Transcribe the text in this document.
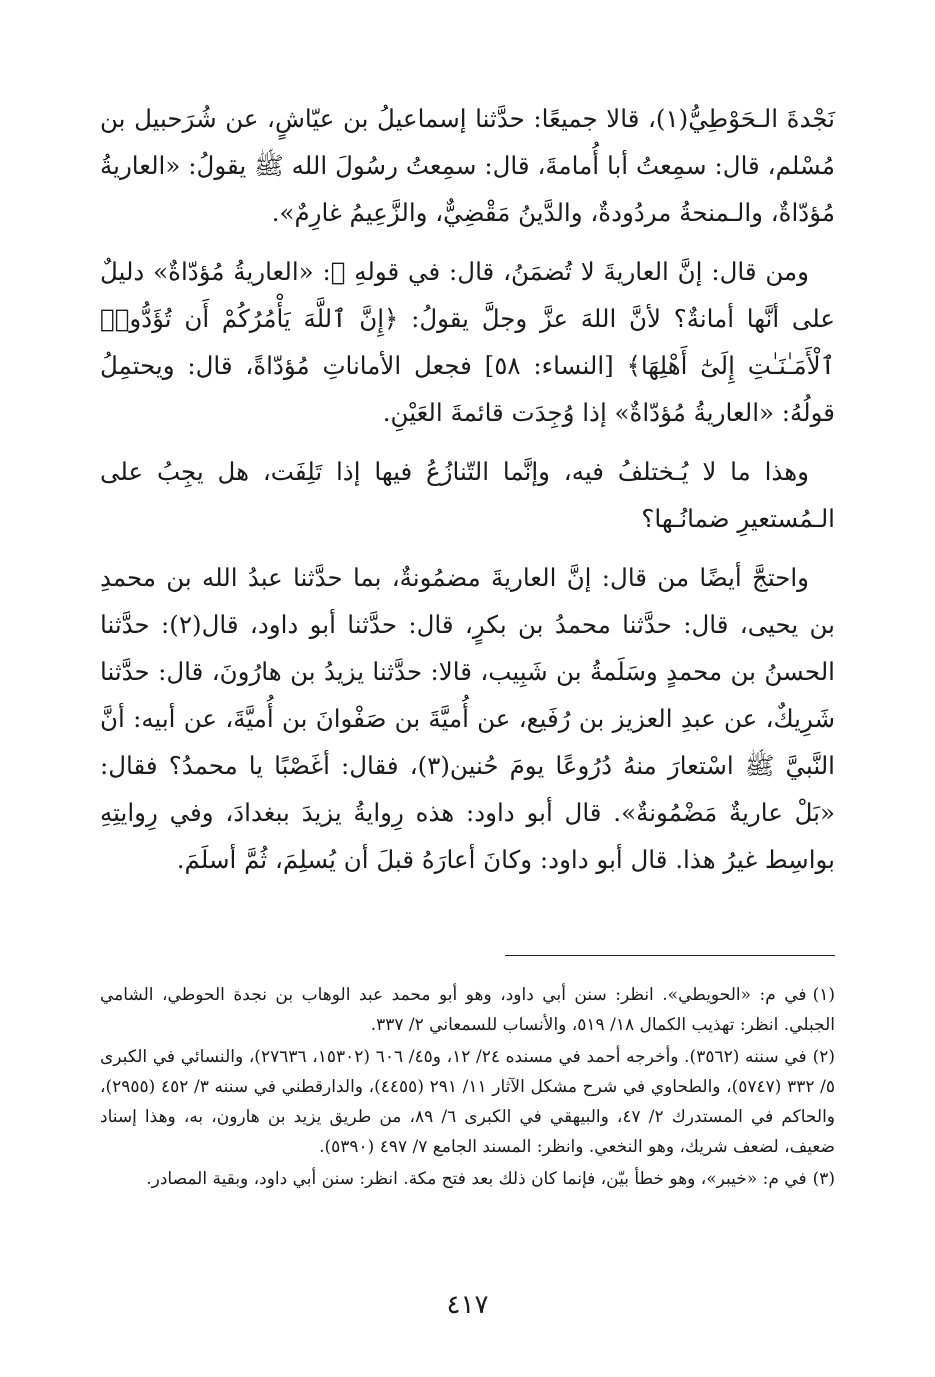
نَجْدةَ الـحَوْطِيُّ(١)، قالا جميعًا: حدَّثنا إسماعيلُ بن عيّاشٍ، عن شُرَحبيل بن مُسْلم، قال: سمِعتُ أبا أُمامةَ، قال: سمِعتُ رسُولَ الله ﷺ يقولُ: «العاريةُ مُؤدّاةٌ، والـمنحةُ مردُودةٌ، والدَّينُ مَقْضِيٌّ، والزَّعِيمُ غارِمٌ».

ومن قال: إنَّ العاريةَ لا تُضمَنُ، قال: في قولهِ ﷺ: «العاريةُ مُؤدّاةٌ» دليلٌ على أنَّها أمانةٌ؟ لأنَّ اللهَ عزَّ وجلَّ يقولُ: ﴿إِنَّ ٱللَّهَ يَأْمُرُكُمْ أَن تُؤَدُّوا۟ ٱلْأَمَـٰنَـٰتِ إِلَىٰٓ أَهْلِهَا﴾ [النساء: ٥٨] فجعل الأماناتِ مُؤدّاةً، قال: ويحتمِلُ قولُهُ: «العاريةُ مُؤدّاةٌ» إذا وُجِدَت قائمةَ العَيْنِ.

وهذا ما لا يُـختلفُ فيه، وإنَّما التّنازُعُ فيها إذا تَلِفَت، هل يجِبُ على الـمُستعيرِ ضمانُـها؟

واحتجَّ أيضًا من قال: إنَّ العاريةَ مضمُونةٌ، بما حدَّثنا عبدُ الله بن محمدِ بن يحيى، قال: حدَّثنا محمدُ بن بكرٍ، قال: حدَّثنا أبو داود، قال(٢): حدَّثنا الحسنُ بن محمدٍ وسَلَمةُ بن شَبِيب، قالا: حدَّثنا يزيدُ بن هارُونَ، قال: حدَّثنا شَرِيكٌ، عن عبدِ العزيز بن رُفَيع، عن أُميَّةَ بن صَفْوانَ بن أُميَّةَ، عن أبيه: أنَّ النَّبيَّ ﷺ اسْتعارَ منهُ دُرُوعًا يومَ حُنين(٣)، فقال: أغَصْبًا يا محمدُ؟ فقال: «بَلْ عاريةٌ مَضْمُونةٌ». قال أبو داود: هذه رِوايةُ يزيدَ ببغدادَ، وفي رِوايتِهِ بواسِط غيرُ هذا. قال أبو داود: وكانَ أعارَهُ قبلَ أن يُسلِمَ، ثُمَّ أسلَمَ.

(١)في م: «الحويطي». انظر: سنن أبي داود، وهو أبو محمد عبد الوهاب بن نجدة الحوطي، الشامي الجبلي. انظر: تهذيب الكمال ١٨/ ٥١٩، والأنساب للسمعاني ٢/ ٣٣٧.

(٢)في سننه (٣٥٦٢). وأخرجه أحمد في مسنده ٢٤/ ١٢، و٤٥/ ٦٠٦ (١٥٣٠٢، ٢٧٦٣٦)، والنسائي في الكبرى ٥/ ٣٣٢ (٥٧٤٧)، والطحاوي في شرح مشكل الآثار ١١/ ٢٩١ (٤٤٥٥)، والدارقطني في سننه ٣/ ٤٥٢ (٢٩٥٥)، والحاكم في المستدرك ٢/ ٤٧، والبيهقي في الكبرى ٦/ ٨٩، من طريق يزيد بن هارون، به، وهذا إسناد ضعيف، لضعف شريك، وهو النخعي. وانظر: المسند الجامع ٧/ ٤٩٧ (٥٣٩٠).

(٣)في م: «خيبر»، وهو خطأ بيّن، فإنما كان ذلك بعد فتح مكة. انظر: سنن أبي داود، وبقية المصادر.

٤١٧
